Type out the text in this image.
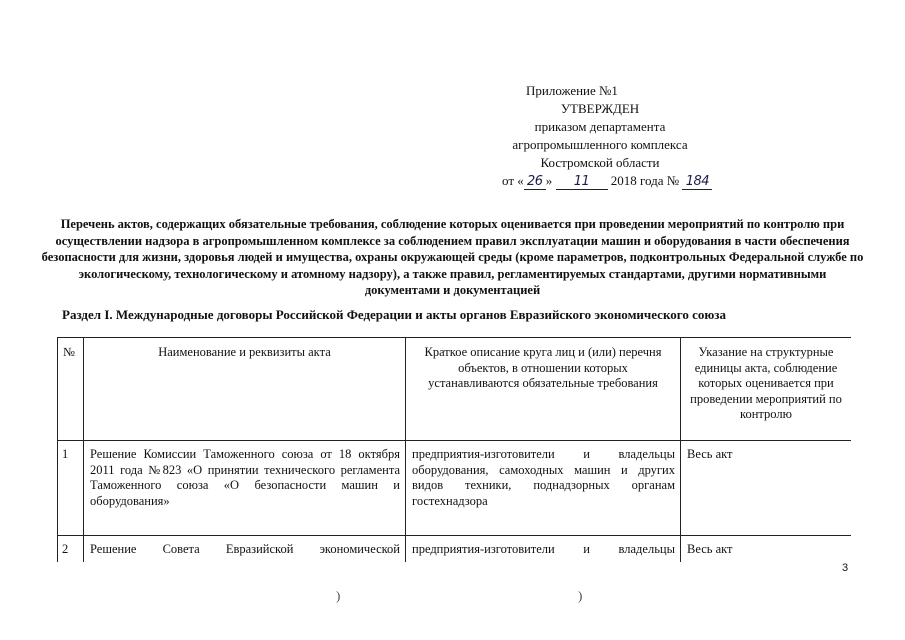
Приложение №1
УТВЕРЖДЕН
приказом департамента
агропромышленного комплекса
Костромской области
от « 26 » 11 2018 года № 184
Перечень актов, содержащих обязательные требования, соблюдение которых оценивается при проведении мероприятий по контролю при осуществлении надзора в агропромышленном комплексе за соблюдением правил эксплуатации машин и оборудования в части обеспечения безопасности для жизни, здоровья людей и имущества, охраны окружающей среды (кроме параметров, подконтрольных Федеральной службе по экологическому, технологическому и атомному надзору), а также правил, регламентируемых стандартами, другими нормативными документами и документацией
Раздел I. Международные договоры Российской Федерации и акты органов Евразийского экономического союза
№	Наименование и реквизиты акта	Краткое описание круга лиц и (или) перечня объектов, в отношении которых устанавливаются обязательные требования	Указание на структурные единицы акта, соблюдение которых оценивается при проведении мероприятий по контролю
1	Решение Комиссии Таможенного союза от 18 октября 2011 года №823 «О принятии технического регламента Таможенного союза «О безопасности машин и оборудования»	предприятия-изготовители и владельцы оборудования, самоходных машин и других видов техники, поднадзорных органам гостехнадзора	Весь акт
2	Решение Совета Евразийской экономической	предприятия-изготовители и владельцы	Весь акт
3
)	)
